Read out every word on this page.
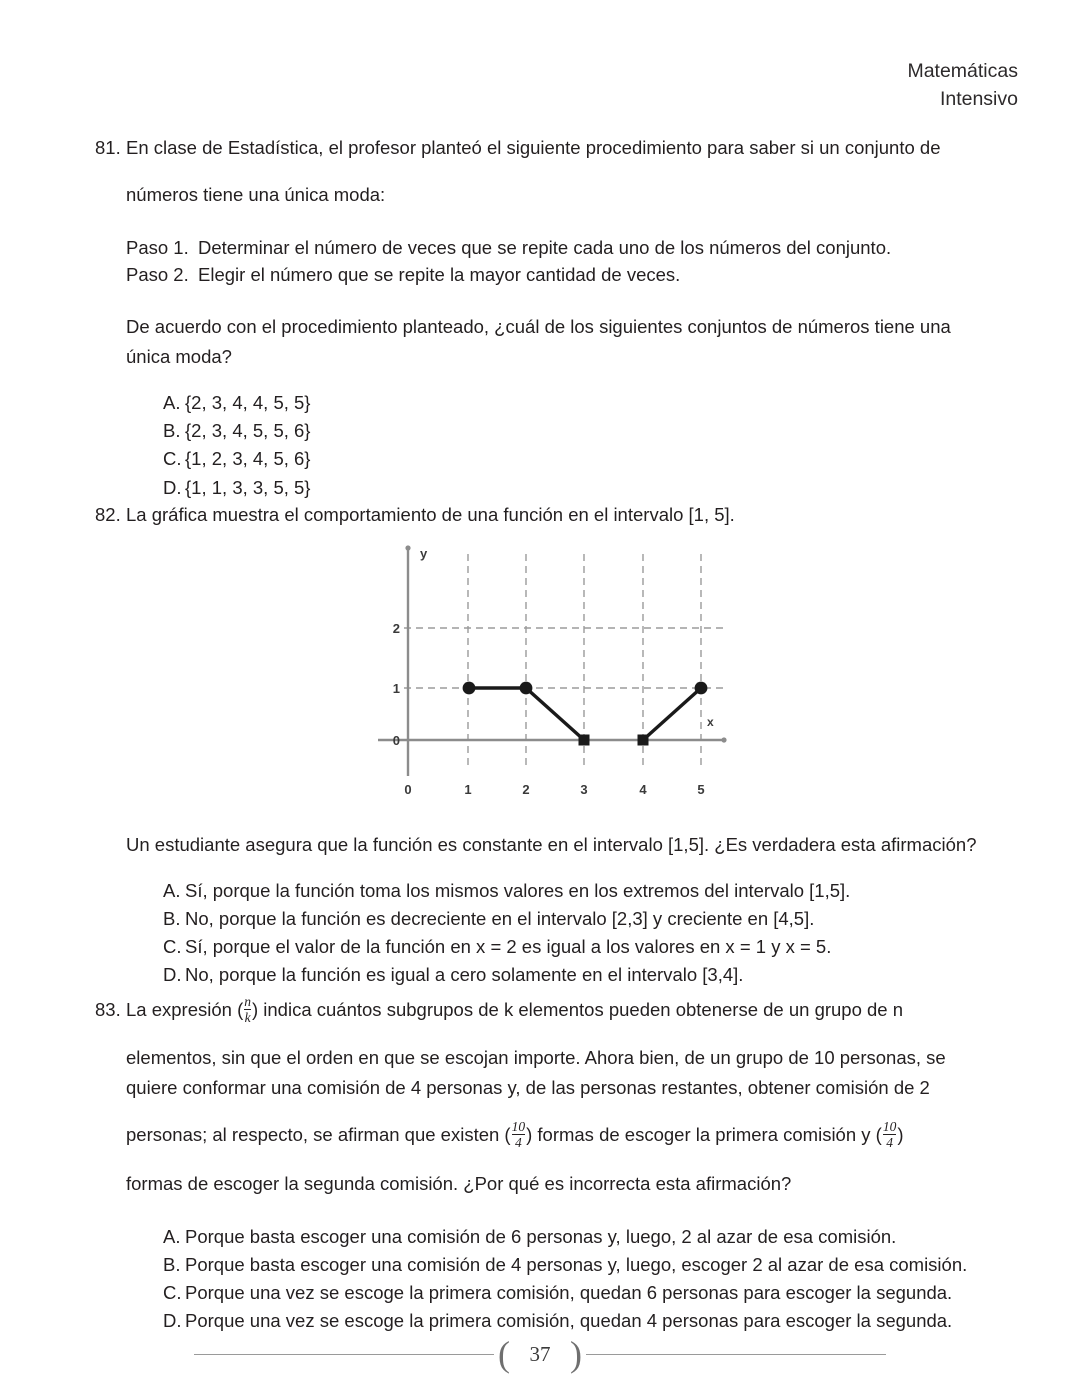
Matemáticas
Intensivo
81. En clase de Estadística, el profesor planteó el siguiente procedimiento para saber si un conjunto de
números tiene una única moda:
Paso 1. Determinar el número de veces que se repite cada uno de los números del conjunto.
Paso 2. Elegir el número que se repite la mayor cantidad de veces.
De acuerdo con el procedimiento planteado, ¿cuál de los siguientes conjuntos de números tiene una
única moda?
A. {2, 3, 4, 4, 5, 5}
B. {2, 3, 4, 5, 5, 6}
C. {1, 2, 3, 4, 5, 6}
D. {1, 1, 3, 3, 5, 5}
82. La gráfica muestra el comportamiento de una función en el intervalo [1, 5].
y
x
2
1
0
0	1	2	3	4	5
Un estudiante asegura que la función es constante en el intervalo [1,5]. ¿Es verdadera esta afirmación?
A. Sí, porque la función toma los mismos valores en los extremos del intervalo [1,5].
B. No, porque la función es decreciente en el intervalo [2,3] y creciente en [4,5].
C. Sí, porque el valor de la función en x = 2 es igual a los valores en x = 1 y x = 5.
D. No, porque la función es igual a cero solamente en el intervalo [3,4].
83. La expresión ( $\frac{n}{k}$ ) indica cuántos subgrupos de k elementos pueden obtenerse de un grupo de n
elementos, sin que el orden en que se escojan importe. Ahora bien, de un grupo de 10 personas, se
quiere conformar una comisión de 4 personas y, de las personas restantes, obtener comisión de 2
personas; al respecto, se afirman que existen ( $\frac{10}{4}$ ) formas de escoger la primera comisión y ( $\frac{10}{4}$ )
formas de escoger la segunda comisión. ¿Por qué es incorrecta esta afirmación?
A. Porque basta escoger una comisión de 6 personas y, luego, 2 al azar de esa comisión.
B. Porque basta escoger una comisión de 4 personas y, luego, escoger 2 al azar de esa comisión.
C. Porque una vez se escoge la primera comisión, quedan 6 personas para escoger la segunda.
D. Porque una vez se escoge la primera comisión, quedan 4 personas para escoger la segunda.
( 37 )
